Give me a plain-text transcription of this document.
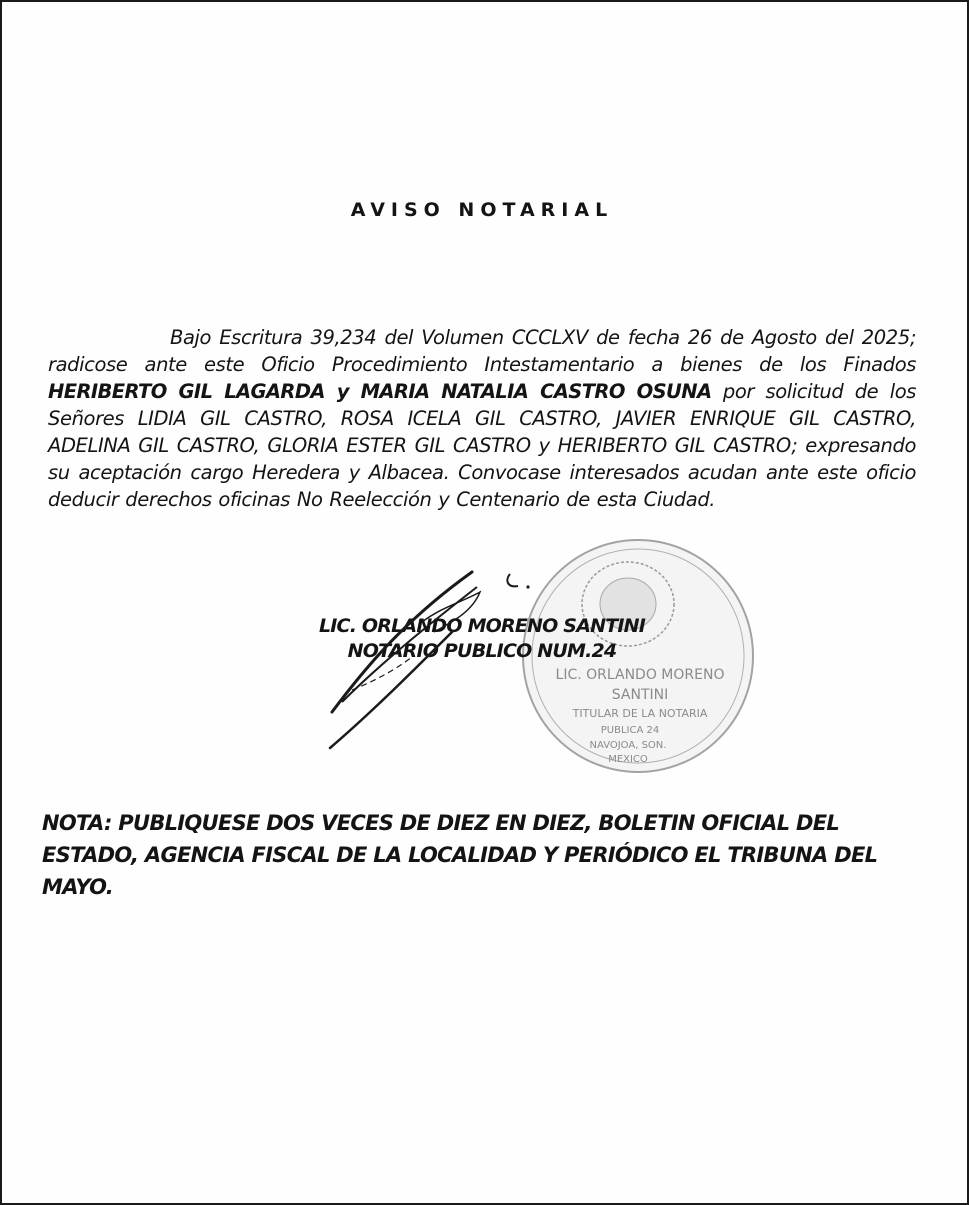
AVISO NOTARIAL
Bajo Escritura 39,234 del Volumen CCCLXV de fecha 26 de Agosto del 2025; radicose ante este Oficio Procedimiento Intestamentario a bienes de los Finados HERIBERTO GIL LAGARDA y MARIA NATALIA CASTRO OSUNA por solicitud de los Señores LIDIA GIL CASTRO, ROSA ICELA GIL CASTRO, JAVIER ENRIQUE GIL CASTRO, ADELINA GIL CASTRO, GLORIA ESTER GIL CASTRO y HERIBERTO GIL CASTRO; expresando su aceptación cargo Heredera y Albacea. Convocase interesados acudan ante este oficio deducir derechos oficinas No Reelección y Centenario de esta Ciudad.
LIC. ORLANDO MORENO
SANTINI
TITULAR DE LA NOTARIA
PUBLICA 24
NAVOJOA, SON.
MEXICO
LIC. ORLANDO MORENO SANTINI
NOTARIO PUBLICO NUM.24
NOTA: PUBLIQUESE DOS VECES DE DIEZ EN DIEZ, BOLETIN OFICIAL DEL ESTADO, AGENCIA FISCAL DE LA LOCALIDAD Y PERIÓDICO EL TRIBUNA DEL MAYO.
